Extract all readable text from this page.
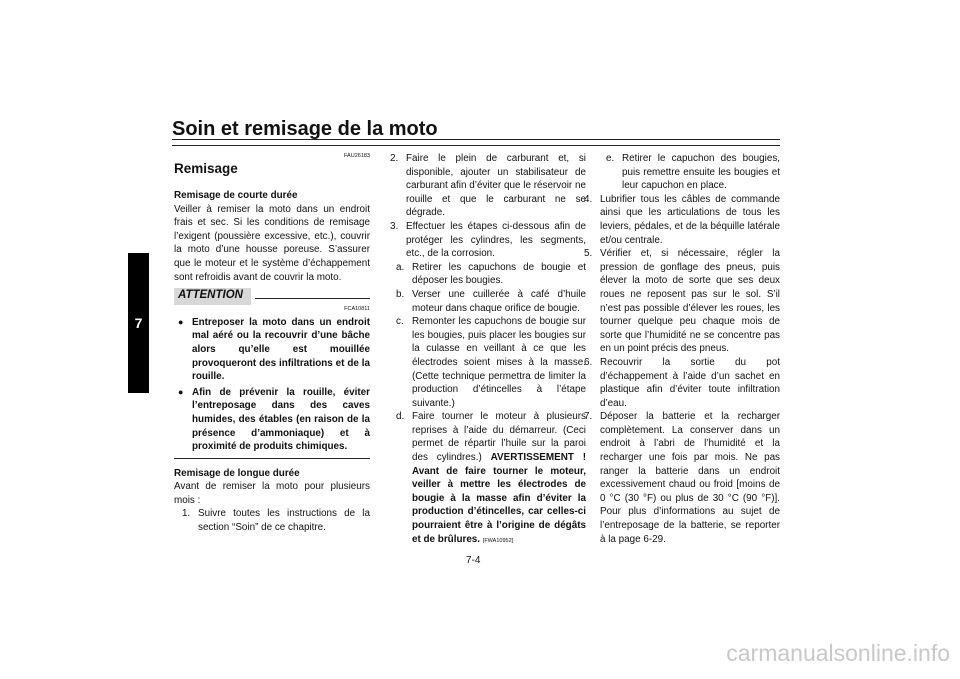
Soin et remisage de la moto
7
FAU26183
Remisage
Remisage de courte durée

Veiller à remiser la moto dans un endroit frais et sec. Si les conditions de remisage l’exigent (poussière excessive, etc.), couvrir la moto d’une housse poreuse. S’assurer que le moteur et le système d’échappement sont refroidis avant de couvrir la moto.

ATTENTION
FCA10811
● Entreposer la moto dans un endroit mal aéré ou la recouvrir d’une bâche alors qu’elle est mouillée provoqueront des infiltrations et de la rouille.
● Afin de prévenir la rouille, éviter l’entreposage dans des caves humides, des étables (en raison de la présence d’ammoniaque) et à proximité de produits chimiques.
Remisage de longue durée

Avant de remiser la moto pour plusieurs mois :

1. Suivre toutes les instructions de la section “Soin” de ce chapitre.
2. Faire le plein de carburant et, si disponible, ajouter un stabilisateur de carburant afin d’éviter que le réservoir ne rouille et que le carburant ne se dégrade.
3. Effectuer les étapes ci-dessous afin de protéger les cylindres, les segments, etc., de la corrosion.
a. Retirer les capuchons de bougie et déposer les bougies.
b. Verser une cuillerée à café d’huile moteur dans chaque orifice de bougie.
c. Remonter les capuchons de bougie sur les bougies, puis placer les bougies sur la culasse en veillant à ce que les électrodes soient mises à la masse. (Cette technique permettra de limiter la production d’étincelles à l’étape suivante.)
d. Faire tourner le moteur à plusieurs reprises à l’aide du démarreur. (Ceci permet de répartir l’huile sur la paroi des cylindres.) AVERTISSEMENT ! Avant de faire tourner le moteur, veiller à mettre les électrodes de bougie à la masse afin d’éviter la production d’étincelles, car celles-ci pourraient être à l’origine de dégâts et de brûlures. [FWA10952]
e. Retirer le capuchon des bougies, puis remettre ensuite les bougies et leur capuchon en place.
4. Lubrifier tous les câbles de commande ainsi que les articulations de tous les leviers, pédales, et de la béquille latérale et/ou centrale.
5. Vérifier et, si nécessaire, régler la pression de gonflage des pneus, puis élever la moto de sorte que ses deux roues ne reposent pas sur le sol. S’il n’est pas possible d’élever les roues, les tourner quelque peu chaque mois de sorte que l’humidité ne se concentre pas en un point précis des pneus.
6. Recouvrir la sortie du pot d’échappement à l’aide d’un sachet en plastique afin d’éviter toute infiltration d’eau.
7. Déposer la batterie et la recharger complètement. La conserver dans un endroit à l’abri de l’humidité et la recharger une fois par mois. Ne pas ranger la batterie dans un endroit excessivement chaud ou froid [moins de 0 °C (30 °F) ou plus de 30 °C (90 °F)]. Pour plus d’informations au sujet de l’entreposage de la batterie, se reporter à la page 6-29.
7-4
carmanualsonline.info
